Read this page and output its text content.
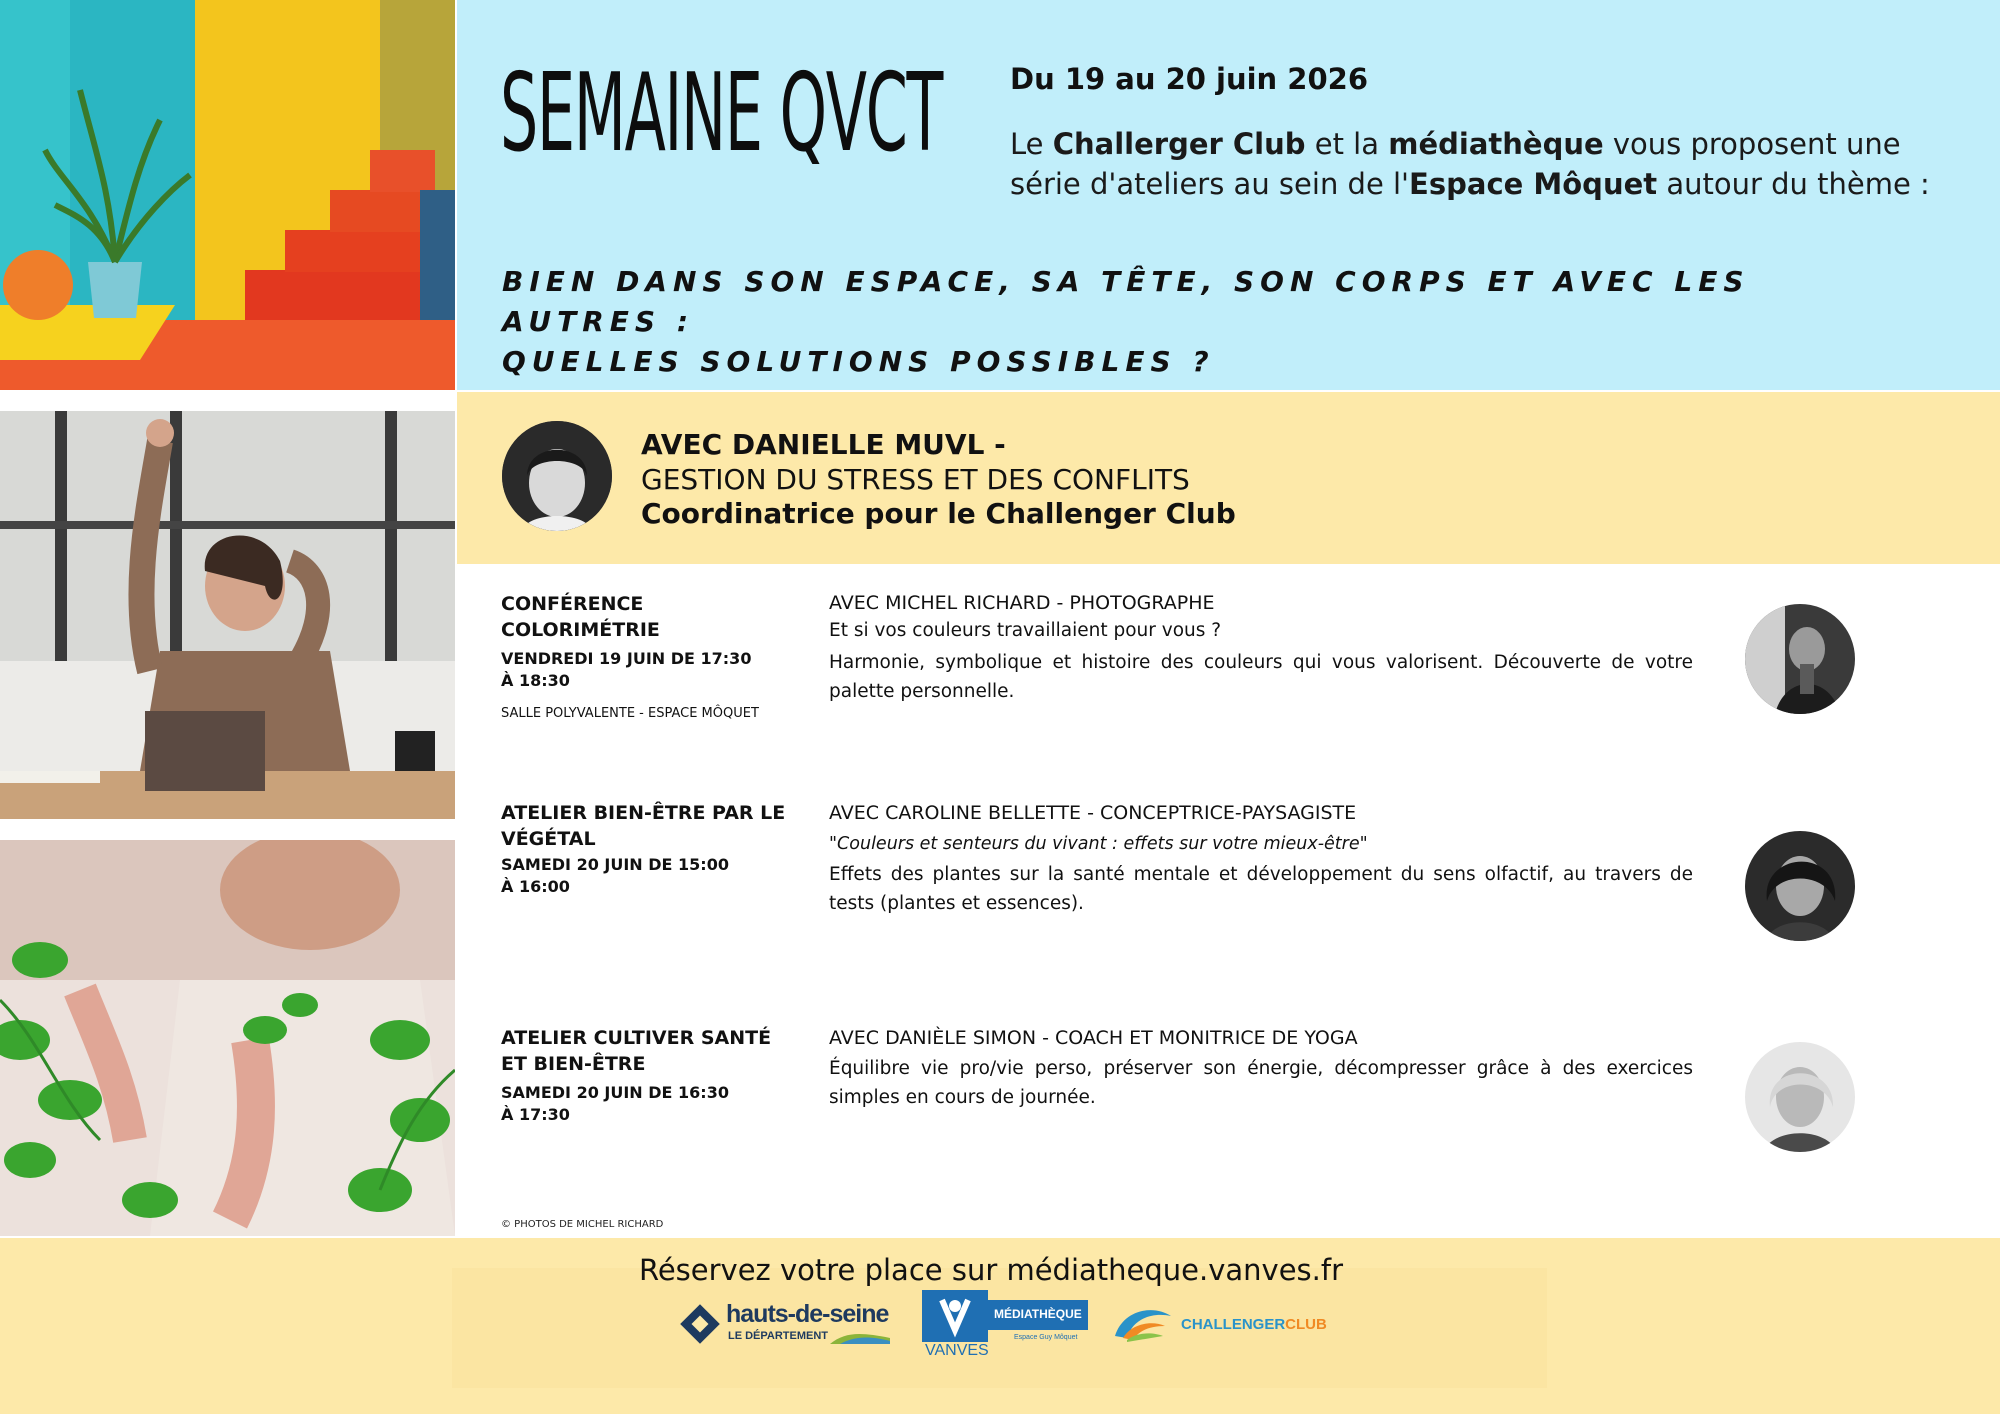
SEMAINE QVCT Du 19 au 20 juin 2026
Le Challerger Club et la médiathèque vous proposent une série d'ateliers au sein de l'Espace Môquet autour du thème :
BIEN DANS SON ESPACE, SA TÊTE, SON CORPS ET AVEC LES AUTRES :
QUELLES SOLUTIONS POSSIBLES ?
AVEC DANIELLE MUVL -
GESTION DU STRESS ET DES CONFLITS
Coordinatrice pour le Challenger Club
CONFÉRENCE COLORIMÉTRIE
VENDREDI 19 JUIN DE 17:30
À 18:30
SALLE POLYVALENTE - ESPACE MÔQUET
AVEC MICHEL RICHARD - PHOTOGRAPHE
Et si vos couleurs travaillaient pour vous ?
Harmonie, symbolique et histoire des couleurs qui vous valorisent. Découverte de votre palette personnelle.
ATELIER BIEN-ÊTRE PAR LE VÉGÉTAL
SAMEDI 20 JUIN DE 15:00
À 16:00
AVEC CAROLINE BELLETTE - CONCEPTRICE-PAYSAGISTE
"Couleurs et senteurs du vivant : effets sur votre mieux-être"
Effets des plantes sur la santé mentale et développement du sens olfactif, au travers de tests (plantes et essences).
ATELIER CULTIVER SANTÉ ET BIEN-ÊTRE
SAMEDI 20 JUIN DE 16:30
À 17:30
AVEC DANIÈLE SIMON - COACH ET MONITRICE DE YOGA
Équilibre vie pro/vie perso, préserver son énergie, décompresser grâce à des exercices simples en cours de journée.
© PHOTOS DE MICHEL RICHARD
Réservez votre place sur médiatheque.vanves.fr
hauts-de-seine
LE DÉPARTEMENT
MÉDIATHÈQUE
VANVES
Espace Guy Môquet
CHALLENGERCLUB
